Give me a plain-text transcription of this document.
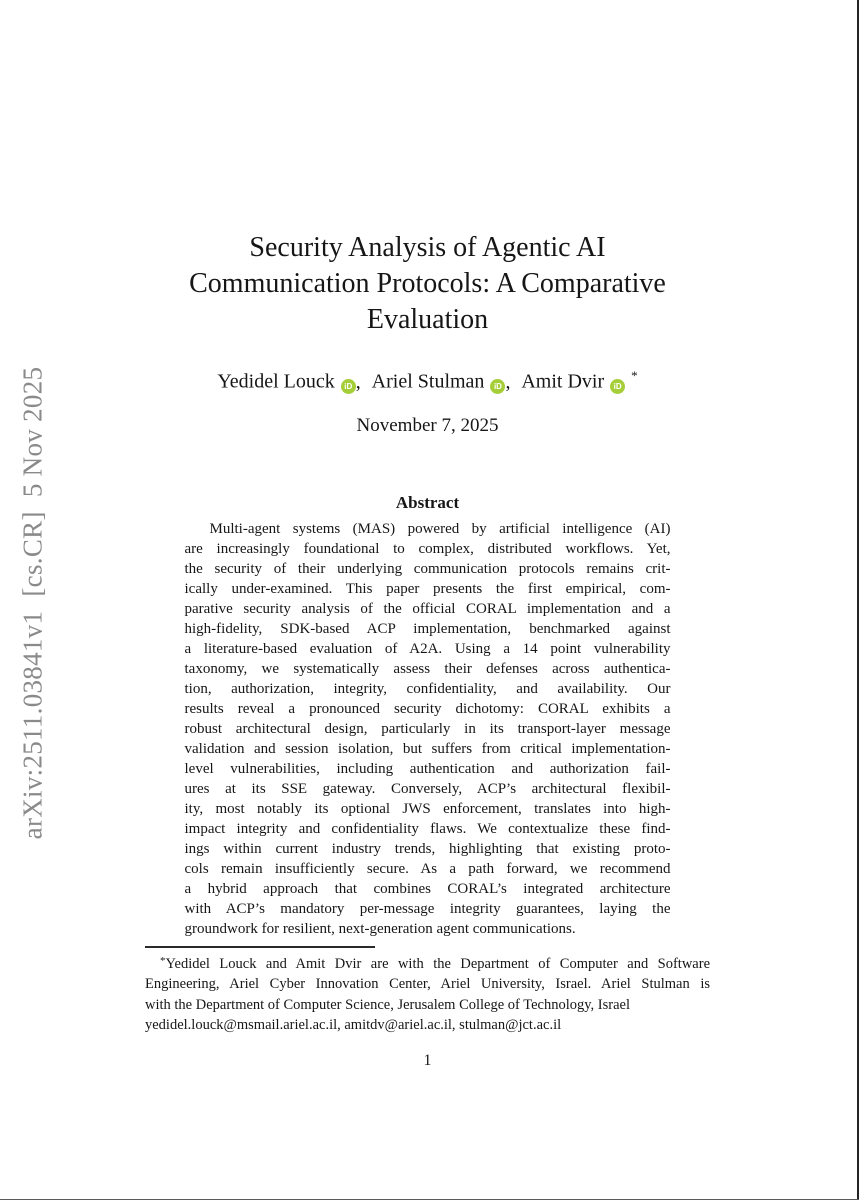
arXiv:2511.03841v1  [cs.CR]  5 Nov 2025
Security Analysis of Agentic AI
Communication Protocols: A Comparative
Evaluation
Yedidel Louck iD , Ariel Stulman iD , Amit Dvir iD*
November 7, 2025
Abstract
Multi-agent systems (MAS) powered by artificial intelligence (AI)
are increasingly foundational to complex, distributed workflows. Yet,
the security of their underlying communication protocols remains crit-
ically under-examined. This paper presents the first empirical, com-
parative security analysis of the official CORAL implementation and a
high-fidelity, SDK-based ACP implementation, benchmarked against
a literature-based evaluation of A2A. Using a 14 point vulnerability
taxonomy, we systematically assess their defenses across authentica-
tion, authorization, integrity, confidentiality, and availability. Our
results reveal a pronounced security dichotomy: CORAL exhibits a
robust architectural design, particularly in its transport-layer message
validation and session isolation, but suffers from critical implementation-
level vulnerabilities, including authentication and authorization fail-
ures at its SSE gateway. Conversely, ACP’s architectural flexibil-
ity, most notably its optional JWS enforcement, translates into high-
impact integrity and confidentiality flaws. We contextualize these find-
ings within current industry trends, highlighting that existing proto-
cols remain insufficiently secure. As a path forward, we recommend
a hybrid approach that combines CORAL’s integrated architecture
with ACP’s mandatory per-message integrity guarantees, laying the
groundwork for resilient, next-generation agent communications.
*Yedidel Louck and Amit Dvir are with the Department of Computer and Software
Engineering, Ariel Cyber Innovation Center, Ariel University, Israel. Ariel Stulman is
with the Department of Computer Science, Jerusalem College of Technology, Israel
yedidel.louck@msmail.ariel.ac.il, amitdv@ariel.ac.il, stulman@jct.ac.il
1
